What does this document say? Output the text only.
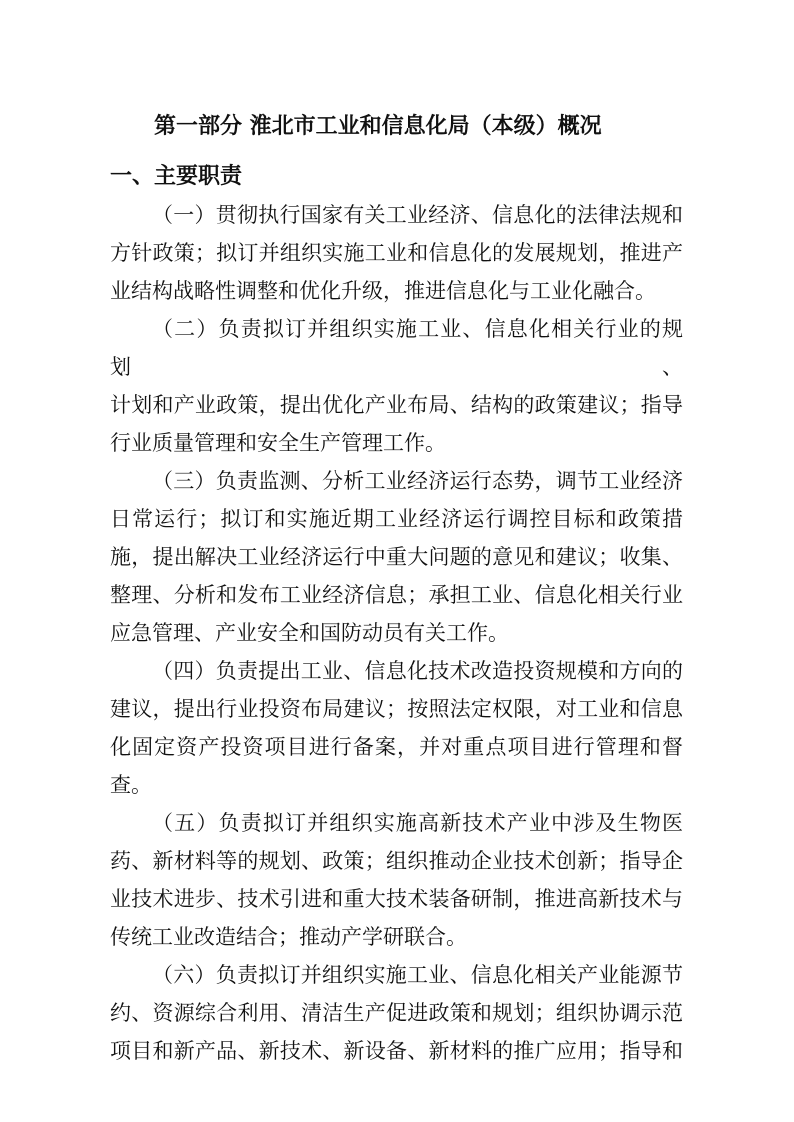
第一部分 淮北市工业和信息化局（本级）概况
一、主要职责

（一）贯彻执行国家有关工业经济、信息化的法律法规和
方针政策；拟订并组织实施工业和信息化的发展规划，推进产
业结构战略性调整和优化升级，推进信息化与工业化融合。

（二）负责拟订并组织实施工业、信息化相关行业的规划、
计划和产业政策，提出优化产业布局、结构的政策建议；指导
行业质量管理和安全生产管理工作。

（三）负责监测、分析工业经济运行态势，调节工业经济
日常运行；拟订和实施近期工业经济运行调控目标和政策措
施，提出解决工业经济运行中重大问题的意见和建议；收集、
整理、分析和发布工业经济信息；承担工业、信息化相关行业
应急管理、产业安全和国防动员有关工作。

（四）负责提出工业、信息化技术改造投资规模和方向的
建议，提出行业投资布局建议；按照法定权限，对工业和信息
化固定资产投资项目进行备案，并对重点项目进行管理和督
查。

（五）负责拟订并组织实施高新技术产业中涉及生物医
药、新材料等的规划、政策；组织推动企业技术创新；指导企
业技术进步、技术引进和重大技术装备研制，推进高新技术与
传统工业改造结合；推动产学研联合。

（六）负责拟订并组织实施工业、信息化相关产业能源节
约、资源综合利用、清洁生产促进政策和规划；组织协调示范
项目和新产品、新技术、新设备、新材料的推广应用；指导和
